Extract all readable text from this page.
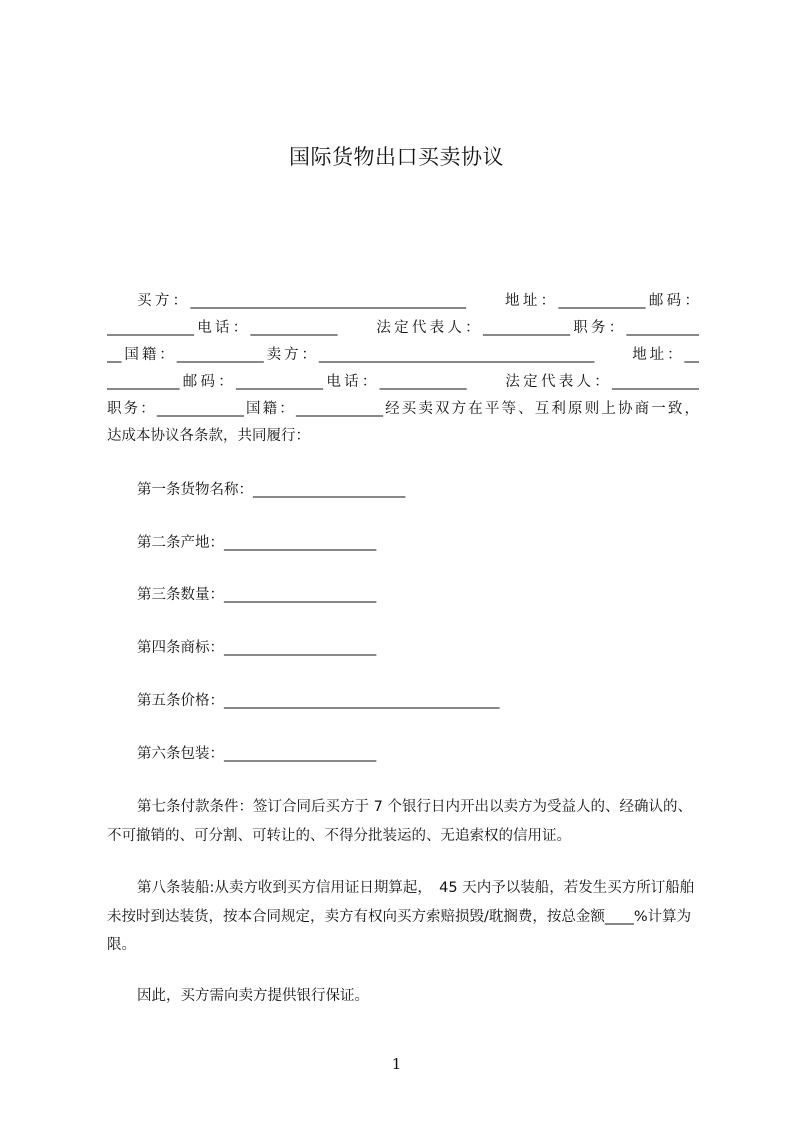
国际货物出口买卖协议
买方：______________________________________　　地址：____________邮码：
____________电话：____________　　法定代表人：____________职务：__________
__国籍：____________卖方：______________________________________　　地址：__
__________邮码：____________电话：____________　　法定代表人：____________
职务：____________国籍：____________经买卖双方在平等、互利原则上协商一致，
达成本协议各条款，共同履行：
第一条货物名称：_____________________
第二条产地：_____________________
第三条数量：_____________________
第四条商标：_____________________
第五条价格：______________________________________
第六条包装：_____________________
第七条付款条件：签订合同后买方于 7 个银行日内开出以卖方为受益人的、经确认的、不可撤销的、可分割、可转让的、不得分批装运的、无追索权的信用证。
第八条装船:从卖方收到买方信用证日期算起，　45 天内予以装船，若发生买方所订船舶未按时到达装货，按本合同规定，卖方有权向买方索赔损毁/耽搁费，按总金额____%计算为限。
因此，买方需向卖方提供银行保证。
1
